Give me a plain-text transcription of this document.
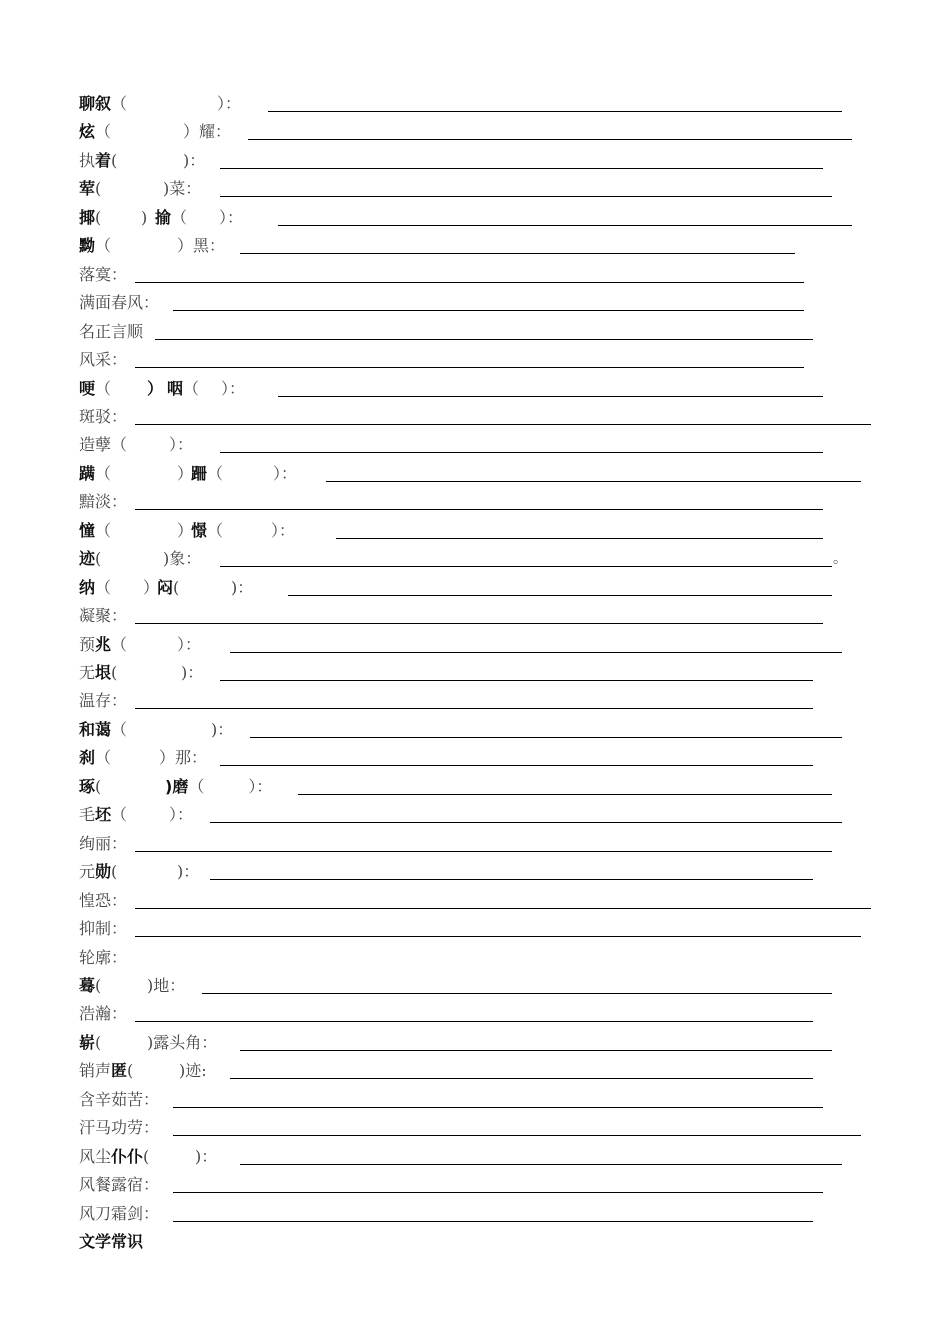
聊叙（	）：
炫（	）耀：
执着(	)：
荤(	)菜：
揶( ) 揄（ ）：
黝（	）黑：
落寞：
满面春风：
名正言顺
风采：
哽（ ） 咽（ ）：
斑驳：
造孽（	）：
蹒（	）跚（	）：
黯淡：
憧（	）憬（	）：
迹(	)象：	。
纳（ ）闷(	)：
凝聚：
预兆（	）：
无垠(	)：
温存：
和蔼（	)：
刹（	）那：
琢(	)磨（	）：
毛坯（	）：
绚丽：
元勋(	)：
惶恐：
抑制：
轮廓：
蓦(	)地：
浩瀚：
崭(	)露头角：
销声匿(	)迹:
含辛茹苦：
汗马功劳：
风尘仆仆(	)：
风餐露宿：
风刀霜剑：
文学常识
